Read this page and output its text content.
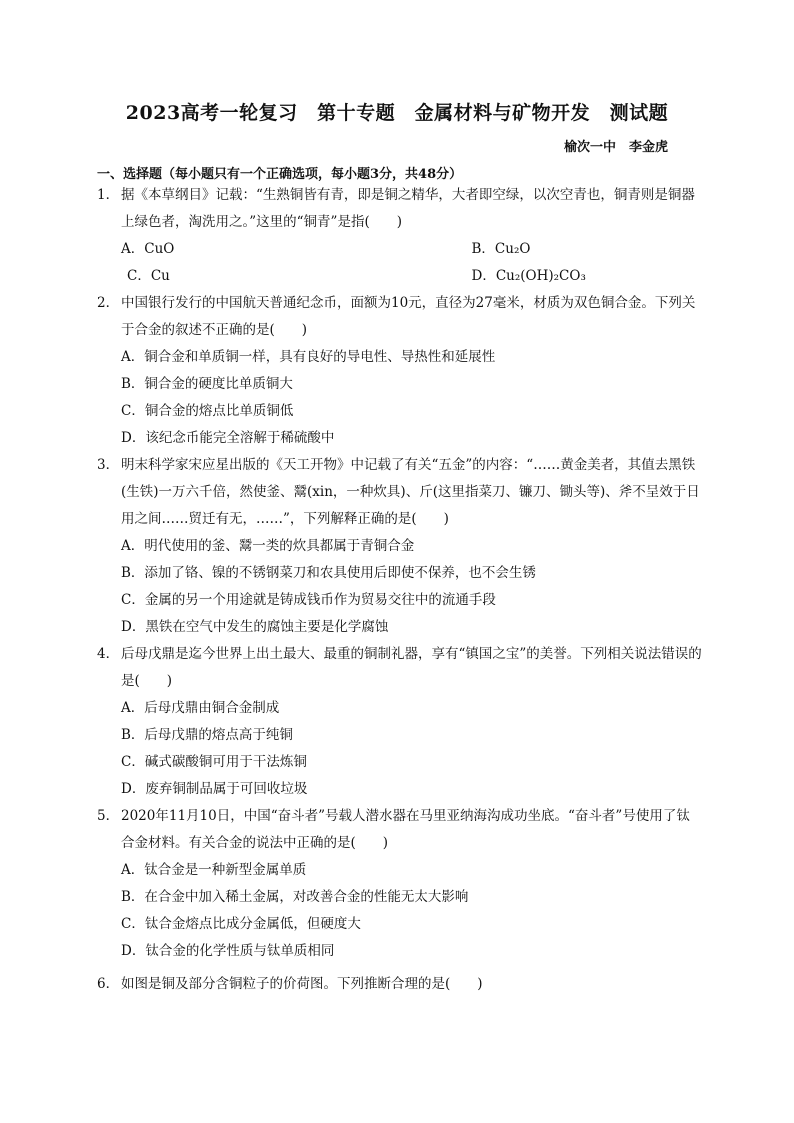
2023高考一轮复习　第十专题　金属材料与矿物开发　测试题
榆次一中　李金虎
一、选择题（每小题只有一个正确选项，每小题3分，共48分）
1． 据《本草纲目》记载：“生熟铜皆有青，即是铜之精华，大者即空绿，以次空青也，铜青则是铜器上绿色者，淘洗用之。”这里的“铜青”是指(　　)
A．CuO	B．Cu₂O
C．Cu	D．Cu₂(OH)₂CO₃
2． 中国银行发行的中国航天普通纪念币，面额为10元，直径为27毫米，材质为双色铜合金。下列关于合金的叙述不正确的是(　　)
A．铜合金和单质铜一样，具有良好的导电性、导热性和延展性
B．铜合金的硬度比单质铜大
C．铜合金的熔点比单质铜低
D．该纪念币能完全溶解于稀硫酸中
3． 明末科学家宋应星出版的《天工开物》中记载了有关“五金”的内容：“……黄金美者，其值去黑铁(生铁)一万六千倍，然使釜、鬵(xin，一种炊具)、斤(这里指菜刀、镰刀、锄头等)、斧不呈效于日用之间……贸迁有无，……”，下列解释正确的是(　　)
A．明代使用的釜、鬵一类的炊具都属于青铜合金
B．添加了铬、镍的不锈钢菜刀和农具使用后即使不保养，也不会生锈
C．金属的另一个用途就是铸成钱币作为贸易交往中的流通手段
D．黑铁在空气中发生的腐蚀主要是化学腐蚀
4． 后母戊鼎是迄今世界上出土最大、最重的铜制礼器，享有“镇国之宝”的美誉。下列相关说法错误的是(　　)
A．后母戊鼎由铜合金制成
B．后母戊鼎的熔点高于纯铜
C．碱式碳酸铜可用于干法炼铜
D．废弃铜制品属于可回收垃圾
5． 2020年11月10日，中国“奋斗者”号载人潜水器在马里亚纳海沟成功坐底。“奋斗者”号使用了钛合金材料。有关合金的说法中正确的是(　　)
A．钛合金是一种新型金属单质
B．在合金中加入稀土金属，对改善合金的性能无太大影响
C．钛合金熔点比成分金属低，但硬度大
D．钛合金的化学性质与钛单质相同
6． 如图是铜及部分含铜粒子的价荷图。下列推断合理的是(　　)
